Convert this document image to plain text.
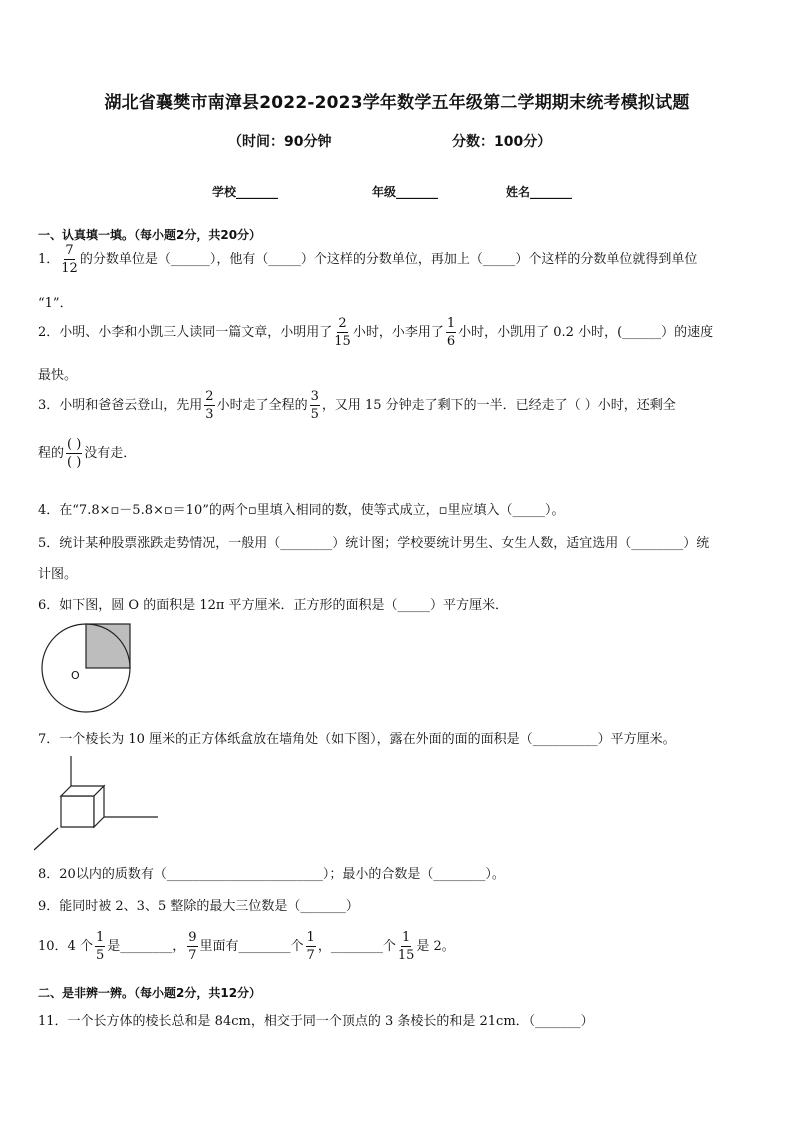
湖北省襄樊市南漳县2022-2023学年数学五年级第二学期期末统考模拟试题
（时间：90分钟	分数：100分）
学校_______	年级_______	姓名_______
一、认真填一填。（每小题2分，共20分）
1． $\frac{7}{12}$ 的分数单位是（______），他有（_____）个这样的分数单位，再加上（_____）个这样的分数单位就得到单位
“1”．
2．小明、小李和小凯三人读同一篇文章，小明用了 $\frac{2}{15}$ 小时，小李用了 $\frac{1}{6}$ 小时，小凯用了 0.2 小时，(______）的速度
最快。
3．小明和爸爸云登山，先用 $\frac{2}{3}$ 小时走了全程的 $\frac{3}{5}$ ，又用 15 分钟走了剩下的一半．已经走了（ ）小时，还剩全
程的 $\frac{( )}{( )}$ 没有走．
4．在“7.8×▫－5.8×▫＝10”的两个▫里填入相同的数，使等式成立，▫里应填入（_____）。
5．统计某种股票涨跌走势情况，一般用（________）统计图；学校要统计男生、女生人数，适宜选用（________）统
计图。
6．如下图，圆 O 的面积是 12π 平方厘米．正方形的面积是（_____）平方厘米．
O
7．一个棱长为 10 厘米的正方体纸盒放在墙角处（如下图），露在外面的面的面积是（__________）平方厘米。
8．20以内的质数有（________________________）；最小的合数是（________）。
9．能同时被 2、3、5 整除的最大三位数是（_______）
10．4 个 $\frac{1}{5}$ 是________， $\frac{9}{7}$ 里面有________个 $\frac{1}{7}$ ，________个 $\frac{1}{15}$ 是 2。
二、是非辨一辨。（每小题2分，共12分）
11．一个长方体的棱长总和是 84cm，相交于同一个顶点的 3 条棱长的和是 21cm．（_______）
